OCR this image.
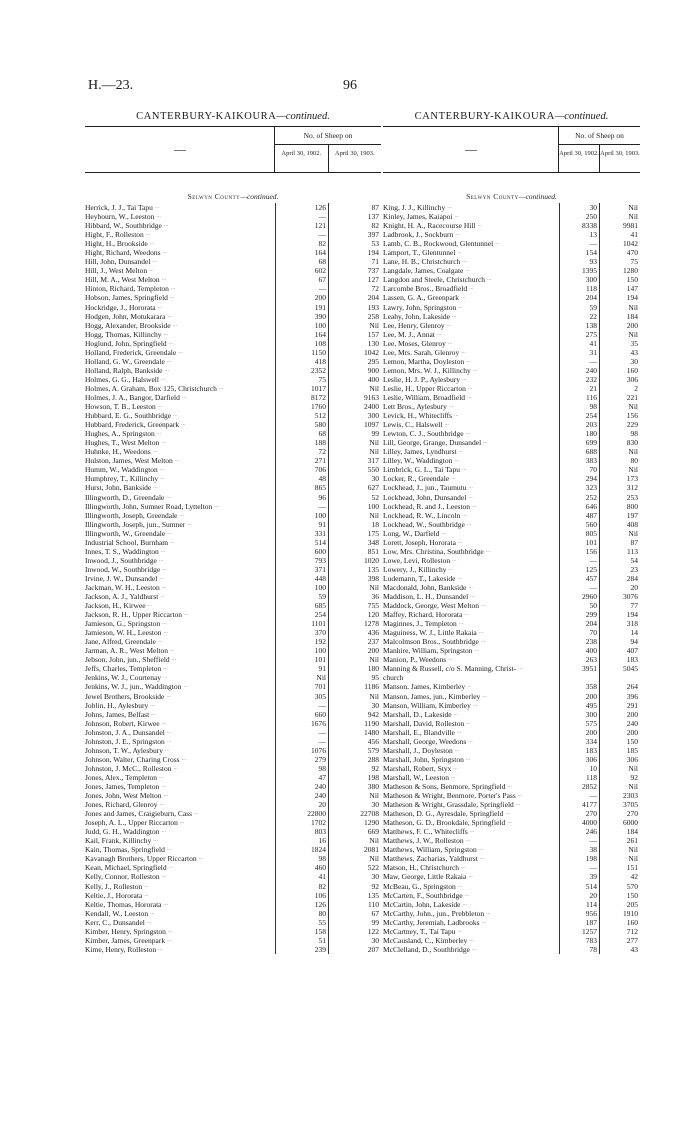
H.—23.	96
CANTERBURY-KAIKOURA—continued.
—
No. of Sheep on
April 30, 1902.	April 30, 1903.
Selwyn County—continued.
Herrick, J. J., Tai Tapu ...	126	87
Heybourn, W., Leeston ...	—	137
Hibbard, W., Southbridge ...	121	82
Hight, F., Rolleston ...	—	397
Hight, H., Brookside ...	82	53
Hight, Richard, Weedons ...	164	194
Hill, John, Dunsandel ...	68	71
Hill, J., West Melton ...	602	737
Hill, M. A., West Melton ...	67	127
Hinton, Richard, Templeton ...	—	72
Hobson, James, Springfield ...	200	204
Hockridge, J., Hororata ...	191	193
Hodgen, John, Motukarara ...	390	258
Hogg, Alexander, Brookside ...	100	Nil
Hogg, Thomas, Killinchy ...	164	157
Hoglund, John, Springfield ...	108	130
Holland, Frederick, Greendale ...	1150	1042
Holland, G. W., Greendale ...	418	295
Holland, Ralph, Bankside ...	2352	900
Holmes, G. G., Halswell ...	75	400
Holmes, A. Graham, Box 125, Christchurch ...	1017	Nil
Holmes, J. A., Bangor, Darfield ...	8172	9163
Howson, T. B., Leeston ...	1760	2400
Hubbard, E. G., Southbridge ...	512	300
Hubbard, Frederick, Greenpark ...	580	1097
Hughes, A., Springston ...	68	99
Hughes, T., West Melton ...	188	Nil
Huhnke, H., Weedons ...	72	Nil
Hulston, James, West Melton ...	271	317
Humm, W., Waddington ...	706	550
Humphrey, T., Killinchy ...	48	30
Hurst, John, Bankside ...	865	627
Illingworth, D., Greendale ...	96	52
Illingworth, John, Sumner Road, Lyttelton ...	—	100
Illingworth, Joseph, Greendale ...	100	Nil
Illingworth, Joseph, jun., Sumner ...	91	18
Illingworth, W., Greendale ...	331	175
Industrial School, Burnham ...	514	348
Innes, T. S., Waddington ...	600	851
Inwood, J., Southbridge ...	793	1020
Inwood, W., Southbridge ...	371	135
Irvine, J. W., Dunsandel ...	448	398
Jackman, W. H., Leeston ...	100	Nil
Jackson, A. J., Yaldhurst ...	59	36
Jackson, H., Kirwee ...	685	755
Jackson, R. H., Upper Riccarton ...	254	120
Jamieson, G., Springston ...	1101	1278
Jamieson, W. H., Leeston ...	370	436
Jane, Alfred, Greendale ...	192	237
Jarman, A. R., West Melton ...	100	200
Jebson, John, jun., Sheffield ...	101	Nil
Jeffs, Charles, Templeton ...	91	180
Jenkins, W. J., Courtenay ...	Nil	95
Jenkins, W. J., jun., Waddington ...	701	1186
Jewel Brothers, Brookside ...	305	Nil
Joblin, H., Aylesbury ...	—	30
Johns, James, Belfast ...	660	942
Johnson, Robert, Kirwee ...	1676	1190
Johnston, J. A., Dunsandel ...	—	1480
Johnston, J. E., Springston ...	—	456
Johnson, T. W., Aylesbury ...	1076	579
Johnson, Walter, Charing Cross ...	279	288
Johnston, J. McC., Rolleston ...	98	92
Jones, Alex., Templeton ...	47	198
Jones, James, Templeton ...	240	380
Jones, John, West Melton ...	240	Nil
Jones, Richard, Glenroy ...	20	30
Jones and James, Craigieburn, Cass ...	22800	22708
Joseph, A. L., Upper Riccarton ...	1702	1290
Judd, G. H., Waddington ...	803	669
Kail, Frank, Killinchy ...	16	Nil
Kain, Thomas, Springfield ...	1824	2081
Kavanagh Brothers, Upper Riccarton ...	98	Nil
Kean, Michael, Springfield ...	460	522
Kelly, Connor, Rolleston ...	41	30
Kelly, J., Rolleston ...	82	92
Keltie, J., Hororata ...	106	135
Keltie, Thomas, Hororata ...	126	110
Kendall, W., Leeston ...	80	67
Kerr, C., Dunsandel ...	55	99
Kimber, Henry, Springston ...	158	122
Kimber, James, Greenpark ...	51	30
Kime, Henry, Rolleston ...	239	207
CANTERBURY-KAIKOURA—continued.
—
No. of Sheep on
April 30, 1902. April 30, 1903.
Selwyn County—continued.
King, J. J., Killinchy ...	30	Nil
Kinley, James, Kaiapoi ...	250	Nil
Knight, H. A., Racecourse Hill ...	8338	9981
Ladbrook, J., Sockburn ...	13	41
Lamb, C. B., Rockwood, Glentunnel ...	—	1042
Lamport, T., Glentunnel ...	154	470
Lane, H. B., Christchurch ...	93	75
Langdale, James, Coalgate ...	1395	1280
Langdon and Steele, Christchurch ...	300	150
Larcombe Bros., Broadfield ...	118	147
Lassen, G. A., Greenpark ...	204	194
Lawry, John, Springston ...	59	Nil
Leahy, John, Lakeside ...	22	184
Lee, Henry, Glenroy ...	138	200
Lee, M. J., Annat ...	275	Nil
Lee, Moses, Glenroy ...	41	35
Lee, Mrs. Sarah, Glenroy ...	31	43
Lemon, Martha, Doyleston ...	—	30
Lemon, Mrs. W. J., Killinchy ...	240	160
Leslie, H. J. P., Aylesbury ...	232	306
Leslie, H., Upper Riccarton ...	21	2
Leslie, William, Broadfield ...	116	221
Lett Bros., Aylesbury ...	98	Nil
Levick, H., Whitecliffs ...	254	156
Lewis, C., Halswell ...	203	229
Lewton, C. J., Southbridge ...	180	98
Lill, George, Grange, Dunsandel ...	699	830
Lilley, James, Lyndhurst ...	688	Nil
Lilley, W., Waddington ...	383	80
Limbrick, G. L., Tai Tapu ...	70	Nil
Locker, R., Greendale ...	294	173
Lockhead, J., jun., Taumutu ...	323	312
Lockhead, John, Dunsandel ...	252	253
Lockhead, R. and J., Leeston ...	646	800
Lockhead, R. W., Lincoln ...	487	197
Lockhead, W., Southbridge ...	560	408
Long, W., Darfield ...	805	Nil
Lorett, Joseph, Hororata ...	101	87
Low, Mrs. Christina, Southbridge ...	156	113
Lowe, Levi, Rolleston ...	—	54
Lowery, J., Killinchy ...	125	23
Ludemann, T., Lakeside ...	457	284
Macdonald, John, Bankside ...	—	20
Maddison, L. H., Dunsandel ...	2960	3076
Maddock, George, West Melton ...	50	77
Maffey, Richard, Hororata ...	299	194
Maginnes, J., Templeton ...	204	318
Maguiness, W. J., Little Rakaia ...	70	14
Malcolmson Bros., Southbridge ...	238	94
Manhire, William, Springston ...	400	407
Manion, P., Weedons ...	263	183
Manning & Russell, c/o S. Manning, Christ- ...	3951	5045
church
Manson, James, Kimberley ...	358	264
Manson, James, jun., Kimberley ...	200	396
Manson, William, Kimberley ...	495	291
Marshall, D., Lakeside ...	300	200
Marshall, David, Rolleston ...	575	240
Marshall, E., Blandville ...	200	200
Marshall, George, Weedons ...	334	150
Marshall, J., Doyleston ...	183	185
Marshall, John, Springston ...	306	306
Marshall, Robert, Styx ...	10	Nil
Marshall, W., Leeston ...	118	92
Matheson & Sons, Benmore, Springfield ...	2852	Nil
Matheson & Wright, Benmore, Porter's Pass ...	—	2303
Matheson & Wright, Grassdale, Springfield ...	4177	3705
Matheson, D. G., Ayresdale, Springfield ...	270	270
Matheson, G. D., Brookdale, Springfield ...	4000	6000
Matthews, F. C., Whitecliffs ...	246	184
Matthews, J. W., Rolleston ...	—	261
Matthews, William, Springston ...	38	Nil
Matthews, Zacharias, Yaldhurst ...	198	Nil
Matson, H., Christchurch ...	—	151
Maw, George, Little Rakaia ...	39	42
McBeau, G., Springston ...	514	570
McCarten, F., Southbridge ...	20	150
McCartin, John, Lakeside ...	114	205
McCarthy, John., jun., Prebbleton ...	956	1910
McCarthy, Jeremiah, Ladbrooks ...	187	160
McCartney, T., Tai Tapu ...	1257	712
McCausland, C., Kimberley ...	783	277
McClelland, D., Southbridge ...	78	43
